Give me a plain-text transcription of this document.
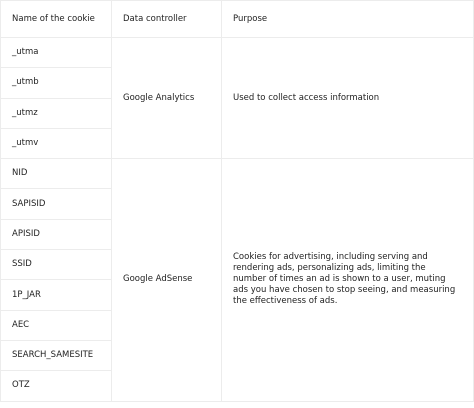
Name of the cookie	Data controller	Purpose
_utma	Google Analytics	Used to collect access information
_utmb		
_utmz		
_utmv		
NID	Google AdSense	Cookies for advertising, including serving and rendering ads, personalizing ads, limiting the number of times an ad is shown to a user, muting ads you have chosen to stop seeing, and measuring the effectiveness of ads.
SAPISID		
APISID		
SSID		
1P_JAR		
AEC		
SEARCH_SAMESITE		
OTZ		
